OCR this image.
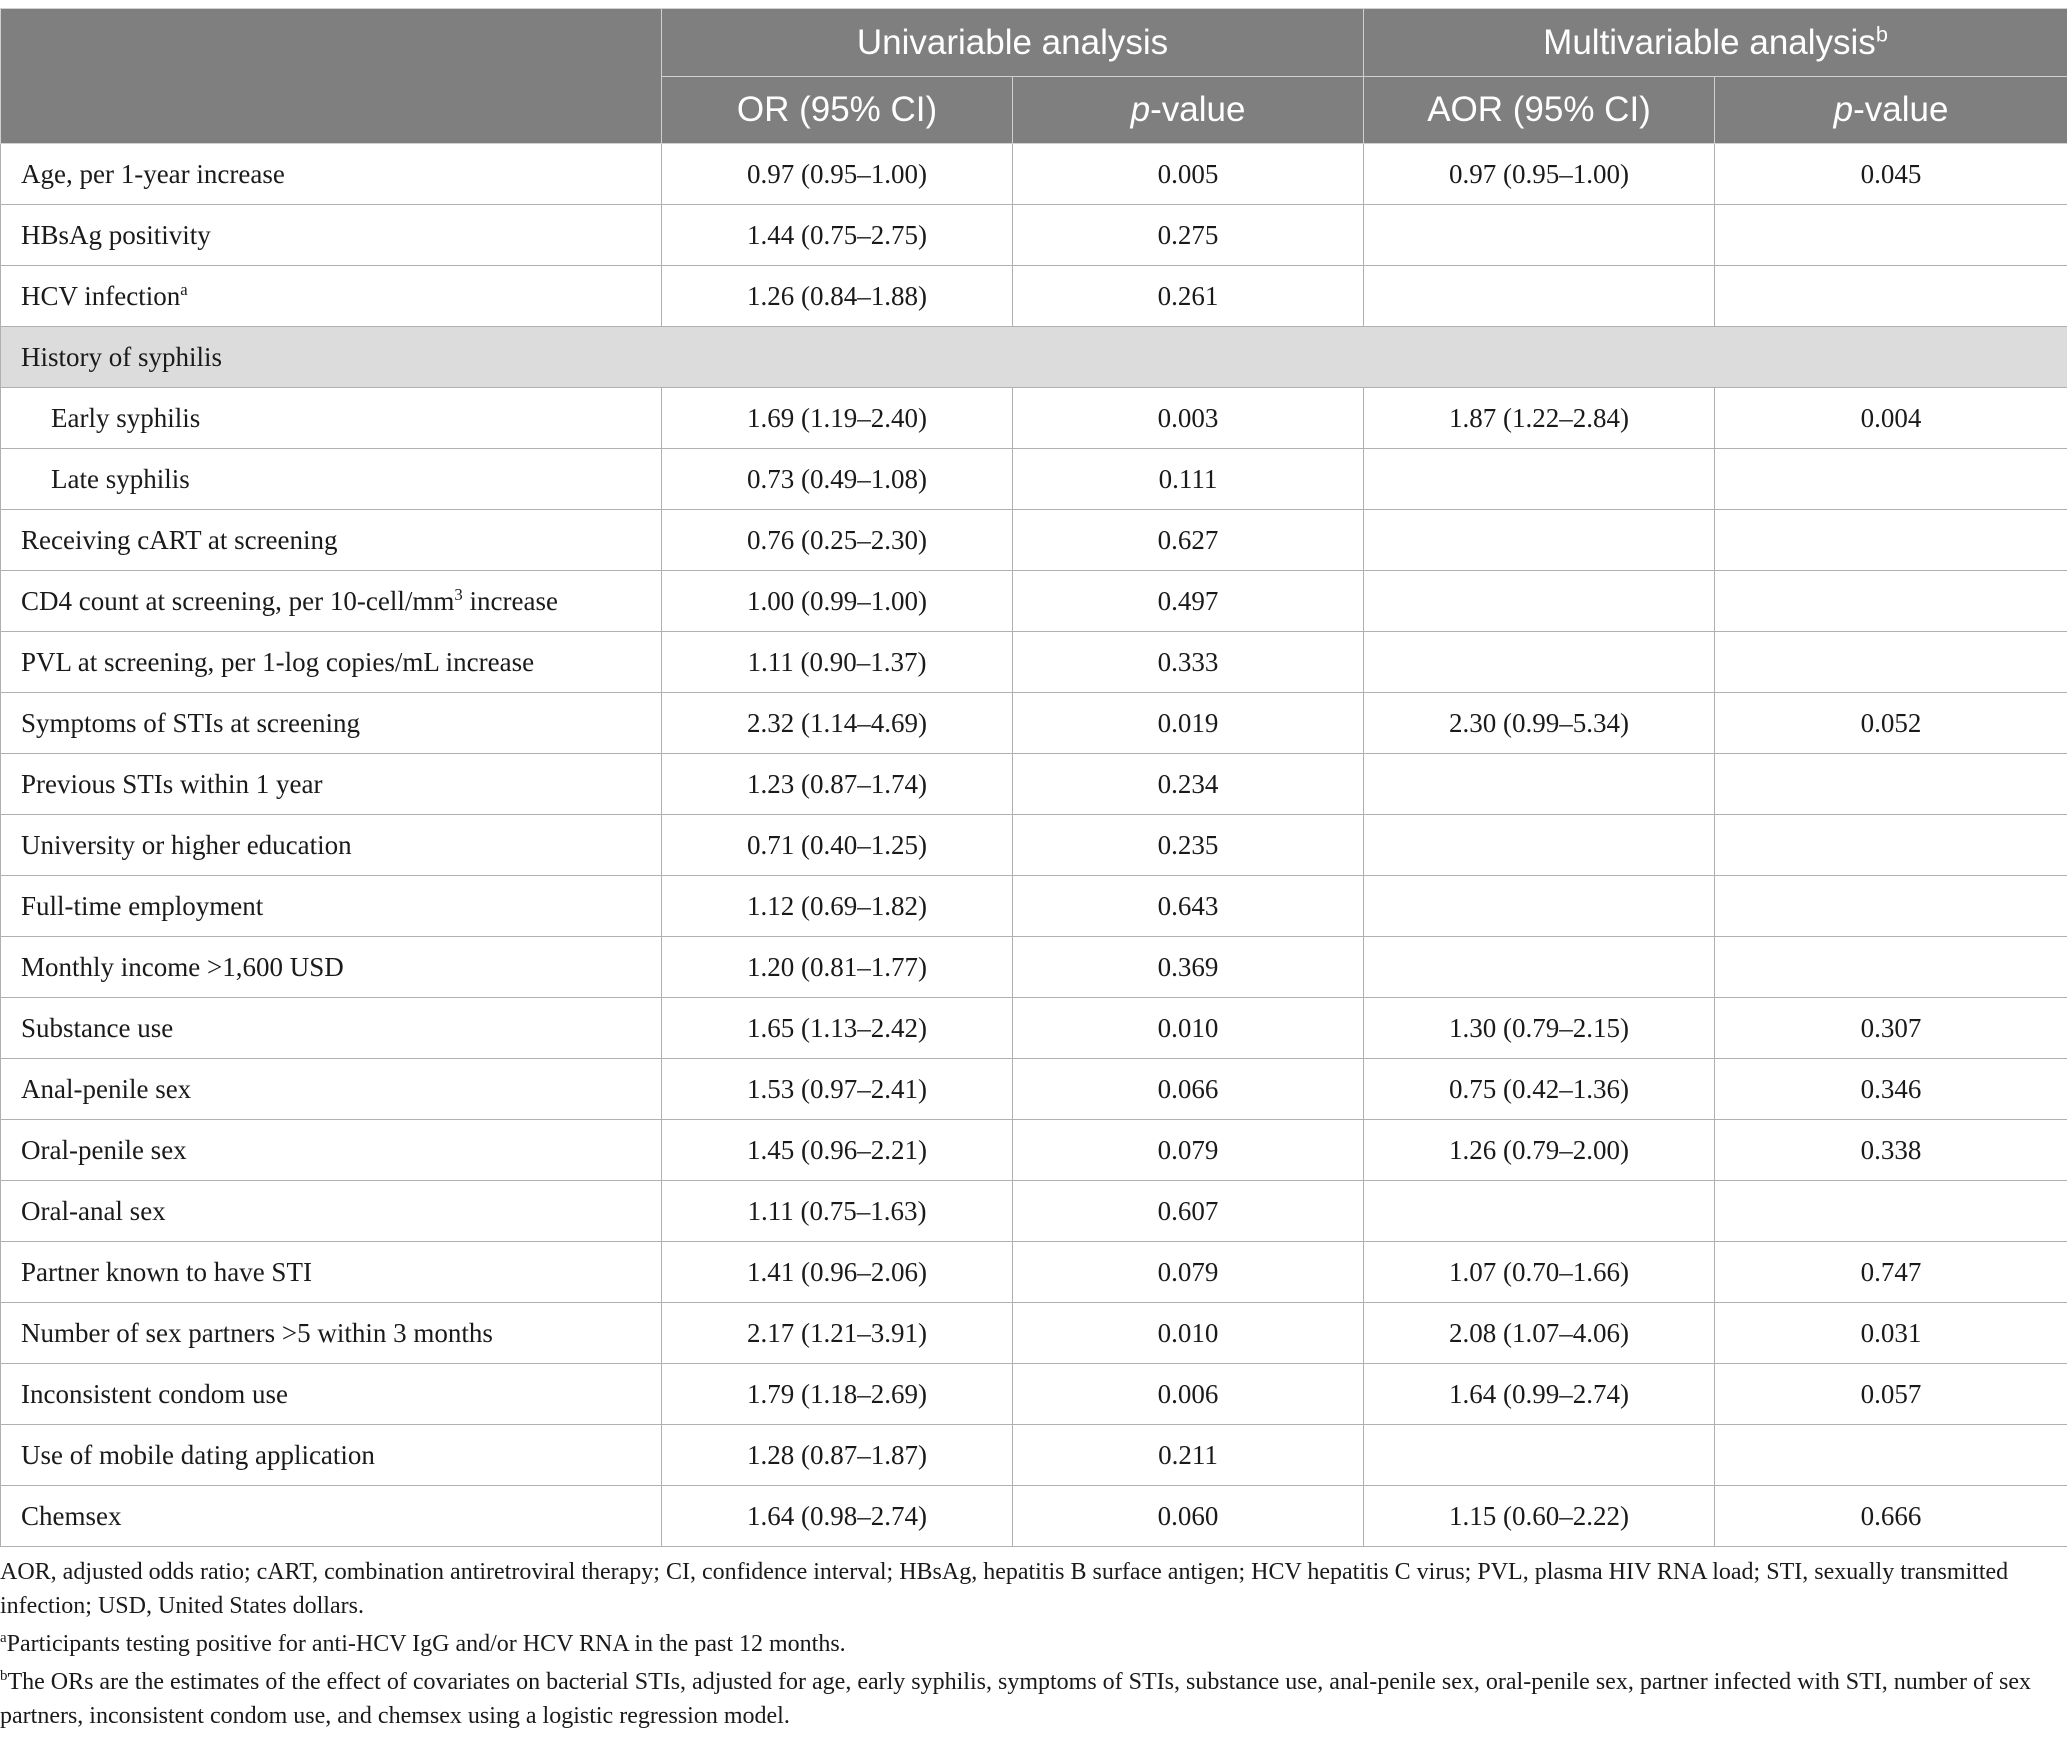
	Univariable analysis		Multivariable analysis$^b$
	OR (95% CI)	p-value	AOR (95% CI)	p-value
Age, per 1-year increase	0.97 (0.95–1.00)	0.005	0.97 (0.95–1.00)	0.045
HBsAg positivity	1.44 (0.75–2.75)	0.275		
HCV infection$^a$	1.26 (0.84–1.88)	0.261		
History of syphilis				
Early syphilis	1.69 (1.19–2.40)	0.003	1.87 (1.22–2.84)	0.004
Late syphilis	0.73 (0.49–1.08)	0.111		
Receiving cART at screening	0.76 (0.25–2.30)	0.627		
CD4 count at screening, per $10-cell/mm^3$ increase	1.00 (0.99–1.00)	0.497		
PVL at screening, per 1-log copies/mL increase	1.11 (0.90–1.37)	0.333		
Symptoms of STIs at screening	2.32 (1.14–4.69)	0.019	2.30 (0.99–5.34)	0.052
Previous STIs within 1 year	1.23 (0.87–1.74)	0.234		
University or higher education	0.71 (0.40–1.25)	0.235		
Full-time employment	1.12 (0.69–1.82)	0.643		
Monthly income >1,600 USD	1.20 (0.81–1.77)	0.369		
Substance use	1.65 (1.13–2.42)	0.010	1.30 (0.79–2.15)	0.307
Anal-penile sex	1.53 (0.97–2.41)	0.066	0.75 (0.42–1.36)	0.346
Oral-penile sex	1.45 (0.96–2.21)	0.079	1.26 (0.79–2.00)	0.338
Oral-anal sex	1.11 (0.75–1.63)	0.607		
Partner known to have STI	1.41 (0.96–2.06)	0.079	1.07 (0.70–1.66)	0.747
Number of sex partners >5 within 3 months	2.17 (1.21–3.91)	0.010	2.08 (1.07–4.06)	0.031
Inconsistent condom use	1.79 (1.18–2.69)	0.006	1.64 (0.99–2.74)	0.057
Use of mobile dating application	1.28 (0.87–1.87)	0.211		
Chemsex	1.64 (0.98–2.74)	0.060	1.15 (0.60–2.22)	0.666

AOR, adjusted odds ratio; cART, combination antiretroviral therapy; CI, confidence interval; HBsAg, hepatitis B surface antigen; HCV hepatitis C virus; PVL, plasma HIV RNA load; STI, sexually transmitted infection; USD, United States dollars.

$^a$Participants testing positive for anti-HCV IgG and/or HCV RNA in the past 12 months.

$^b$The ORs are the estimates of the effect of covariates on bacterial STIs, adjusted for age, early syphilis, symptoms of STIs, substance use, anal-penile sex, oral-penile sex, partner infected with STI, number of sex partners, inconsistent condom use, and chemsex using a logistic regression model.
